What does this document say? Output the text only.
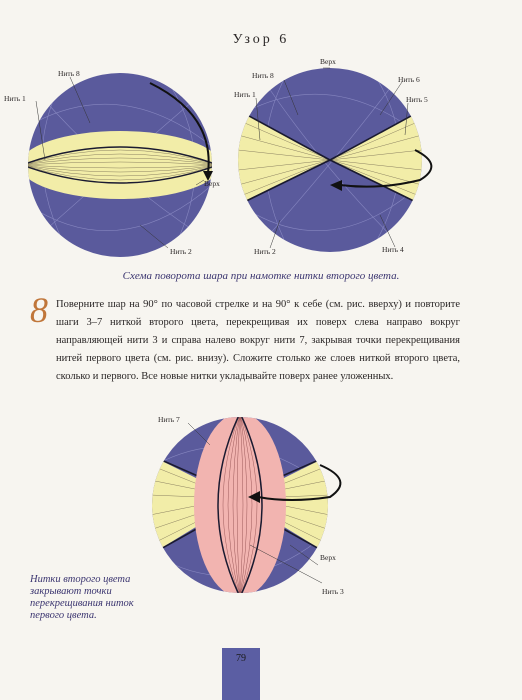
Узор 6
Нить 8
Нить 1
Верх
Нить 2
Верх
Нить 8	Нить 6
Нить 1
Нить 5
Нить 2	Нить 4
Схема поворота шара при намотке нитки второго цвета.
8 Поверните шар на 90° по часовой стрелке и на 90° к себе (см. рис. вверху) и повторите шаги 3–7 ниткой второго цвета, перекрещивая их поверх слева направо вокруг направляющей нити 3 и справа налево вокруг нити 7, закрывая точки перекрещивания нитей первого цвета (см. рис. внизу). Сложите столько же слоев ниткой второго цвета, сколько и первого. Все новые нитки укладывайте поверх ранее уложенных.

Нить 7
Верх
Нить 3
Нитки второго цвета закрывают точки перекрещивания ниток первого цвета.
79
